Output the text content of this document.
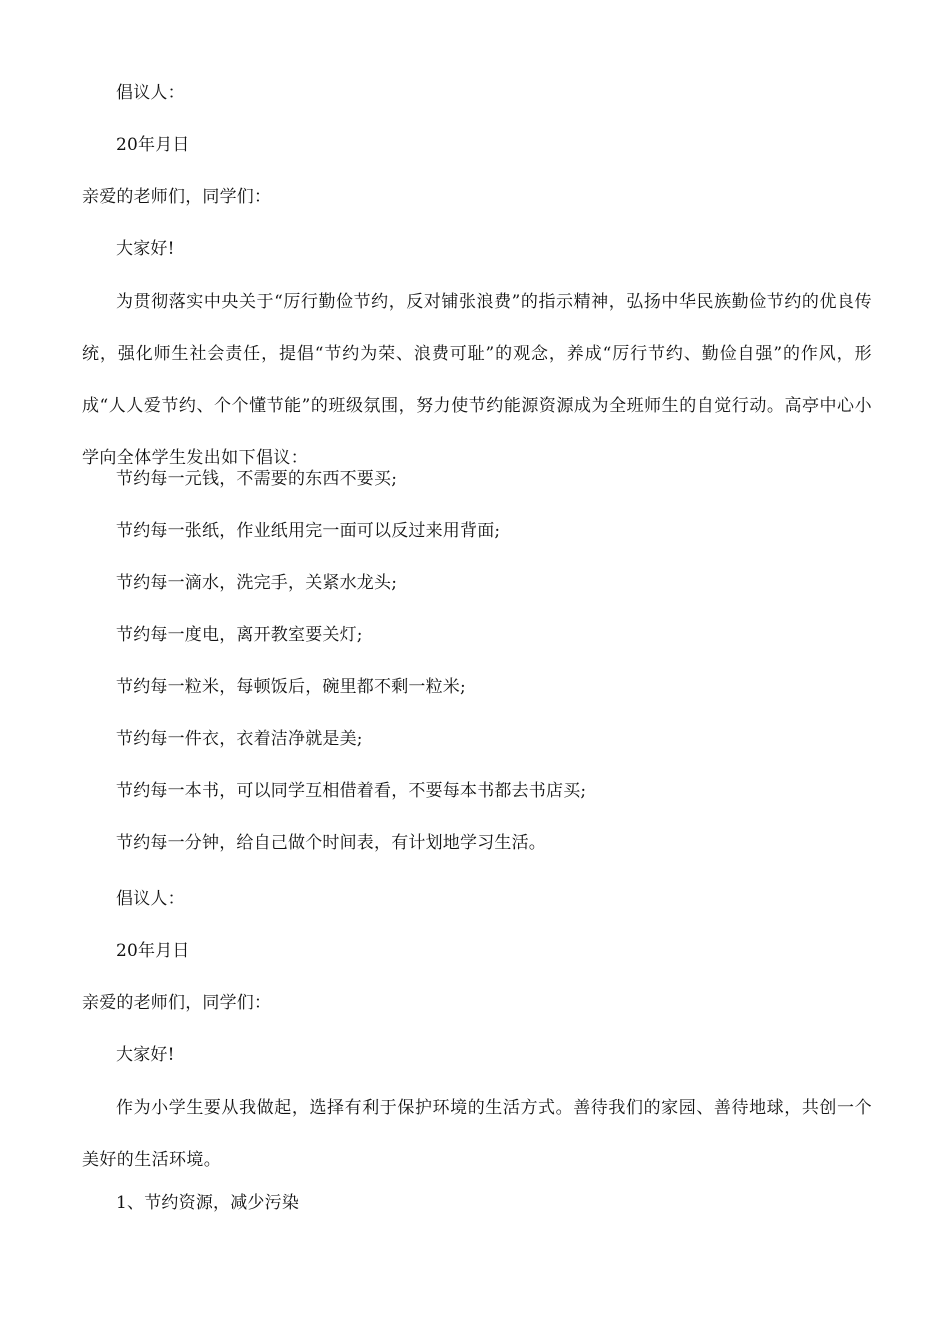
倡议人：
20年月日
亲爱的老师们，同学们：
大家好!

为贯彻落实中央关于“厉行勤俭节约，反对铺张浪费”的指示精神，弘扬中华民族勤俭节约的优良传统，强化师生社会责任，提倡“节约为荣、浪费可耻”的观念，养成“厉行节约、勤俭自强”的作风，形成“人人爱节约、个个懂节能”的班级氛围，努力使节约能源资源成为全班师生的自觉行动。高亭中心小学向全体学生发出如下倡议：

节约每一元钱，不需要的东西不要买;
节约每一张纸，作业纸用完一面可以反过来用背面;
节约每一滴水，洗完手，关紧水龙头;
节约每一度电，离开教室要关灯;
节约每一粒米，每顿饭后，碗里都不剩一粒米;
节约每一件衣，衣着洁净就是美;
节约每一本书，可以同学互相借着看，不要每本书都去书店买;
节约每一分钟，给自己做个时间表，有计划地学习生活。
倡议人：
20年月日
亲爱的老师们，同学们：
大家好!

作为小学生要从我做起，选择有利于保护环境的生活方式。善待我们的家园、善待地球，共创一个美好的生活环境。

1、节约资源，减少污染
